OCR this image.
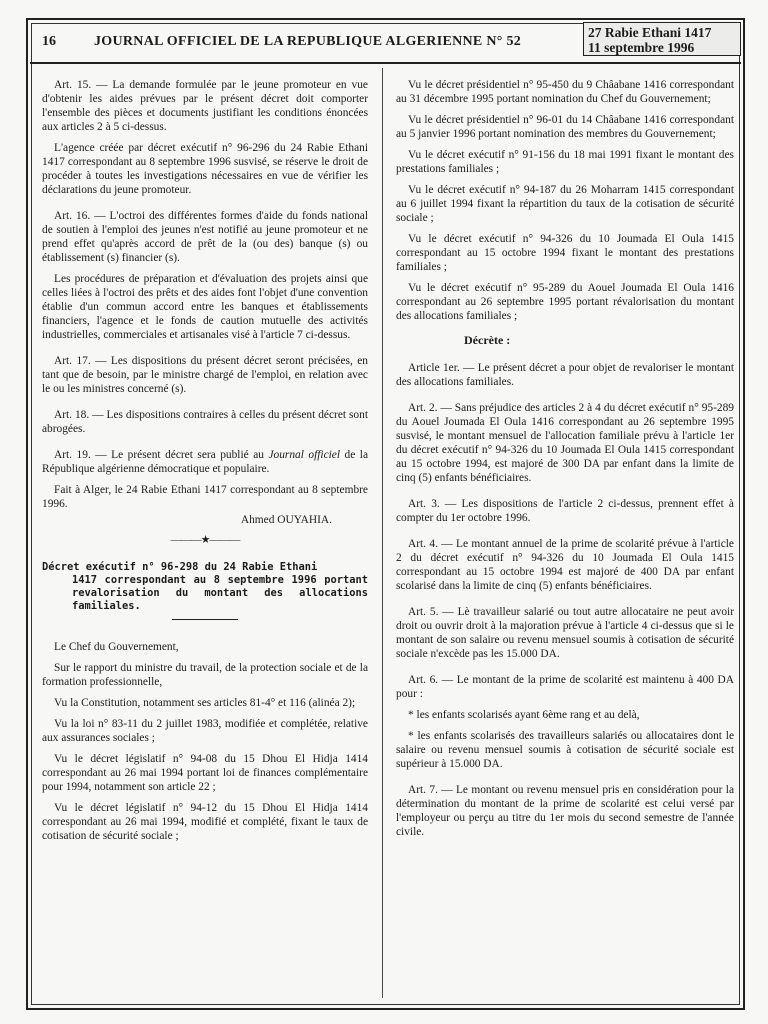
16	JOURNAL OFFICIEL DE LA REPUBLIQUE ALGERIENNE N° 52
27 Rabie Ethani 1417
11 septembre 1996

Art. 15. — La demande formulée par le jeune promoteur en vue d'obtenir les aides prévues par le présent décret doit comporter l'ensemble des pièces et documents justifiant les conditions énoncées aux articles 2 à 5 ci-dessus.

L'agence créée par décret exécutif n° 96-296 du 24 Rabie Ethani 1417 correspondant au 8 septembre 1996 susvisé, se réserve le droit de procéder à toutes les investigations nécessaires en vue de vérifier les déclarations du jeune promoteur.

Art. 16. — L'octroi des différentes formes d'aide du fonds national de soutien à l'emploi des jeunes n'est notifié au jeune promoteur et ne prend effet qu'après accord de prêt de la (ou des) banque (s) ou établissement (s) financier (s).

Les procédures de préparation et d'évaluation des projets ainsi que celles liées à l'octroi des prêts et des aides font l'objet d'une convention établie d'un commun accord entre les banques et établissements financiers, l'agence et le fonds de caution mutuelle des activités industrielles, commerciales et artisanales visé à l'article 7 ci-dessus.

Art. 17. — Les dispositions du présent décret seront précisées, en tant que de besoin, par le ministre chargé de l'emploi, en relation avec le ou les ministres concerné (s).

Art. 18. — Les dispositions contraires à celles du présent décret sont abrogées.

Art. 19. — Le présent décret sera publié au Journal officiel de la République algérienne démocratique et populaire.

Fait à Alger, le 24 Rabie Ethani 1417 correspondant au 8 septembre 1996.

Ahmed OUYAHIA.

———★———
Décret exécutif n° 96-298 du 24 Rabie Ethani
1417 correspondant au 8 septembre 1996 portant revalorisation du montant des allocations familiales.

Le Chef du Gouvernement,

Sur le rapport du ministre du travail, de la protection sociale et de la formation professionnelle,

Vu la Constitution, notamment ses articles 81-4° et 116 (alinéa 2);

Vu la loi n° 83-11 du 2 juillet 1983, modifiée et complétée, relative aux assurances sociales ;

Vu le décret législatif n° 94-08 du 15 Dhou El Hidja 1414 correspondant au 26 mai 1994 portant loi de finances complémentaire pour 1994, notamment son article 22 ;

Vu le décret législatif n° 94-12 du 15 Dhou El Hidja 1414 correspondant au 26 mai 1994, modifié et complété, fixant le taux de cotisation de sécurité sociale ;

Vu le décret présidentiel n° 95-450 du 9 Châabane 1416 correspondant au 31 décembre 1995 portant nomination du Chef du Gouvernement;

Vu le décret présidentiel n° 96-01 du 14 Châabane 1416 correspondant au 5 janvier 1996 portant nomination des membres du Gouvernement;

Vu le décret exécutif n° 91-156 du 18 mai 1991 fixant le montant des prestations familiales ;

Vu le décret exécutif n° 94-187 du 26 Moharram 1415 correspondant au 6 juillet 1994 fixant la répartition du taux de la cotisation de sécurité sociale ;

Vu le décret exécutif n° 94-326 du 10 Joumada El Oula 1415 correspondant au 15 octobre 1994 fixant le montant des prestations familiales ;

Vu le décret exécutif n° 95-289 du Aouel Joumada El Oula 1416 correspondant au 26 septembre 1995 portant révalorisation du montant des allocations familiales ;

Décrète :

Article 1er. — Le présent décret a pour objet de revaloriser le montant des allocations familiales.

Art. 2. — Sans préjudice des articles 2 à 4 du décret exécutif n° 95-289 du Aouel Joumada El Oula 1416 correspondant au 26 septembre 1995 susvisé, le montant mensuel de l'allocation familiale prévu à l'article 1er du décret exécutif n° 94-326 du 10 Joumada El Oula 1415 correspondant au 15 octobre 1994, est majoré de 300 DA par enfant dans la limite de cinq (5) enfants bénéficiaires.

Art. 3. — Les dispositions de l'article 2 ci-dessus, prennent effet à compter du 1er octobre 1996.

Art. 4. — Le montant annuel de la prime de scolarité prévue à l'article 2 du décret exécutif n° 94-326 du 10 Joumada El Oula 1415 correspondant au 15 octobre 1994 est majoré de 400 DA par enfant scolarisé dans la limite de cinq (5) enfants bénéficiaires.

Art. 5. — Lè travailleur salarié ou tout autre allocataire ne peut avoir droit ou ouvrir droit à la majoration prévue à l'article 4 ci-dessus que si le montant de son salaire ou revenu mensuel soumis à cotisation de sécurité sociale n'excède pas les 15.000 DA.

Art. 6. — Le montant de la prime de scolarité est maintenu à 400 DA pour :

* les enfants scolarisés ayant 6ème rang et au delà,

* les enfants scolarisés des travailleurs salariés ou allocataires dont le salaire ou revenu mensuel soumis à cotisation de sécurité sociale est supérieur à 15.000 DA.

Art. 7. — Le montant ou revenu mensuel pris en considération pour la détermination du montant de la prime de scolarité est celui versé par l'employeur ou perçu au titre du 1er mois du second semestre de l'année civile.
